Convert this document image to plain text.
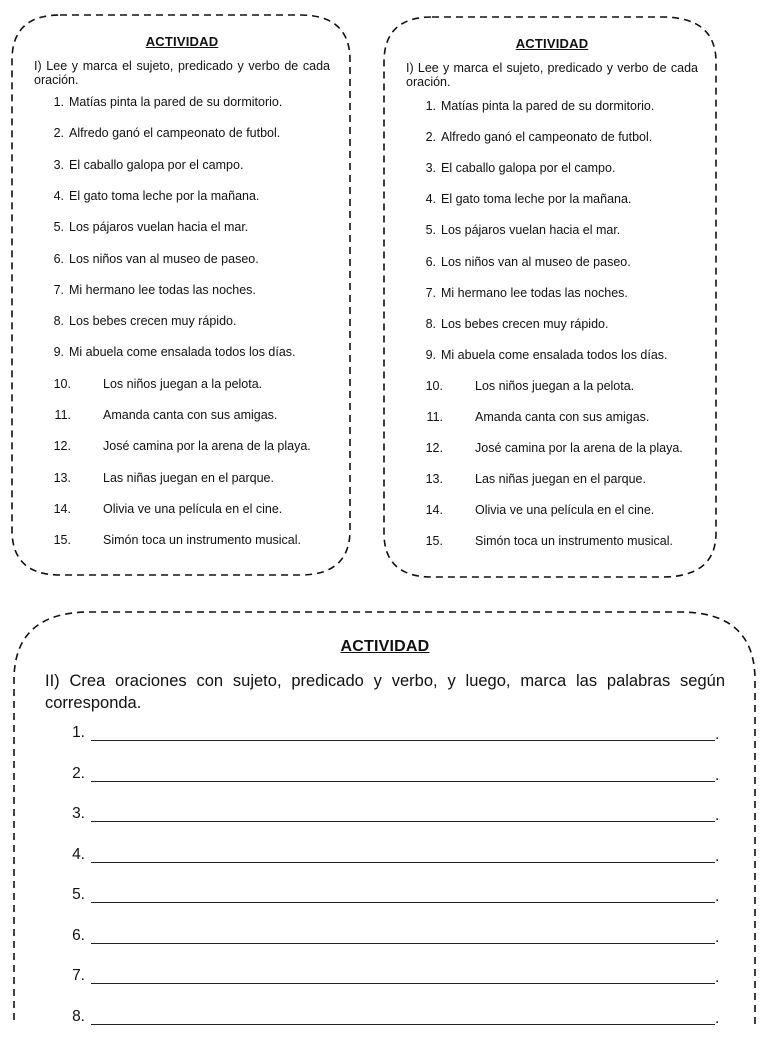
ACTIVIDAD
I) Lee y marca el sujeto, predicado y verbo de cada oración.
1. Matías pinta la pared de su dormitorio.
2. Alfredo ganó el campeonato de futbol.
3. El caballo galopa por el campo.
4. El gato toma leche por la mañana.
5. Los pájaros vuelan hacia el mar.
6. Los niños van al museo de paseo.
7. Mi hermano lee todas las noches.
8. Los bebes crecen muy rápido.
9. Mi abuela come ensalada todos los días.
10.	Los niños juegan a la pelota.
11.	Amanda canta con sus amigas.
12.	José camina por la arena de la playa.
13.	Las niñas juegan en el parque.
14.	Olivia ve una película en el cine.
15.	Simón toca un instrumento musical.
ACTIVIDAD
I) Lee y marca el sujeto, predicado y verbo de cada oración.
1. Matías pinta la pared de su dormitorio.
2. Alfredo ganó el campeonato de futbol.
3. El caballo galopa por el campo.
4. El gato toma leche por la mañana.
5. Los pájaros vuelan hacia el mar.
6. Los niños van al museo de paseo.
7. Mi hermano lee todas las noches.
8. Los bebes crecen muy rápido.
9. Mi abuela come ensalada todos los días.
10.	Los niños juegan a la pelota.
11.	Amanda canta con sus amigas.
12.	José camina por la arena de la playa.
13.	Las niñas juegan en el parque.
14.	Olivia ve una película en el cine.
15.	Simón toca un instrumento musical.
ACTIVIDAD
II) Crea oraciones con sujeto, predicado y verbo, y luego, marca las palabras según corresponda.
1.	.
2.	.
3.	.
4.	.
5.	.
6.	.
7.	.
8.	.
